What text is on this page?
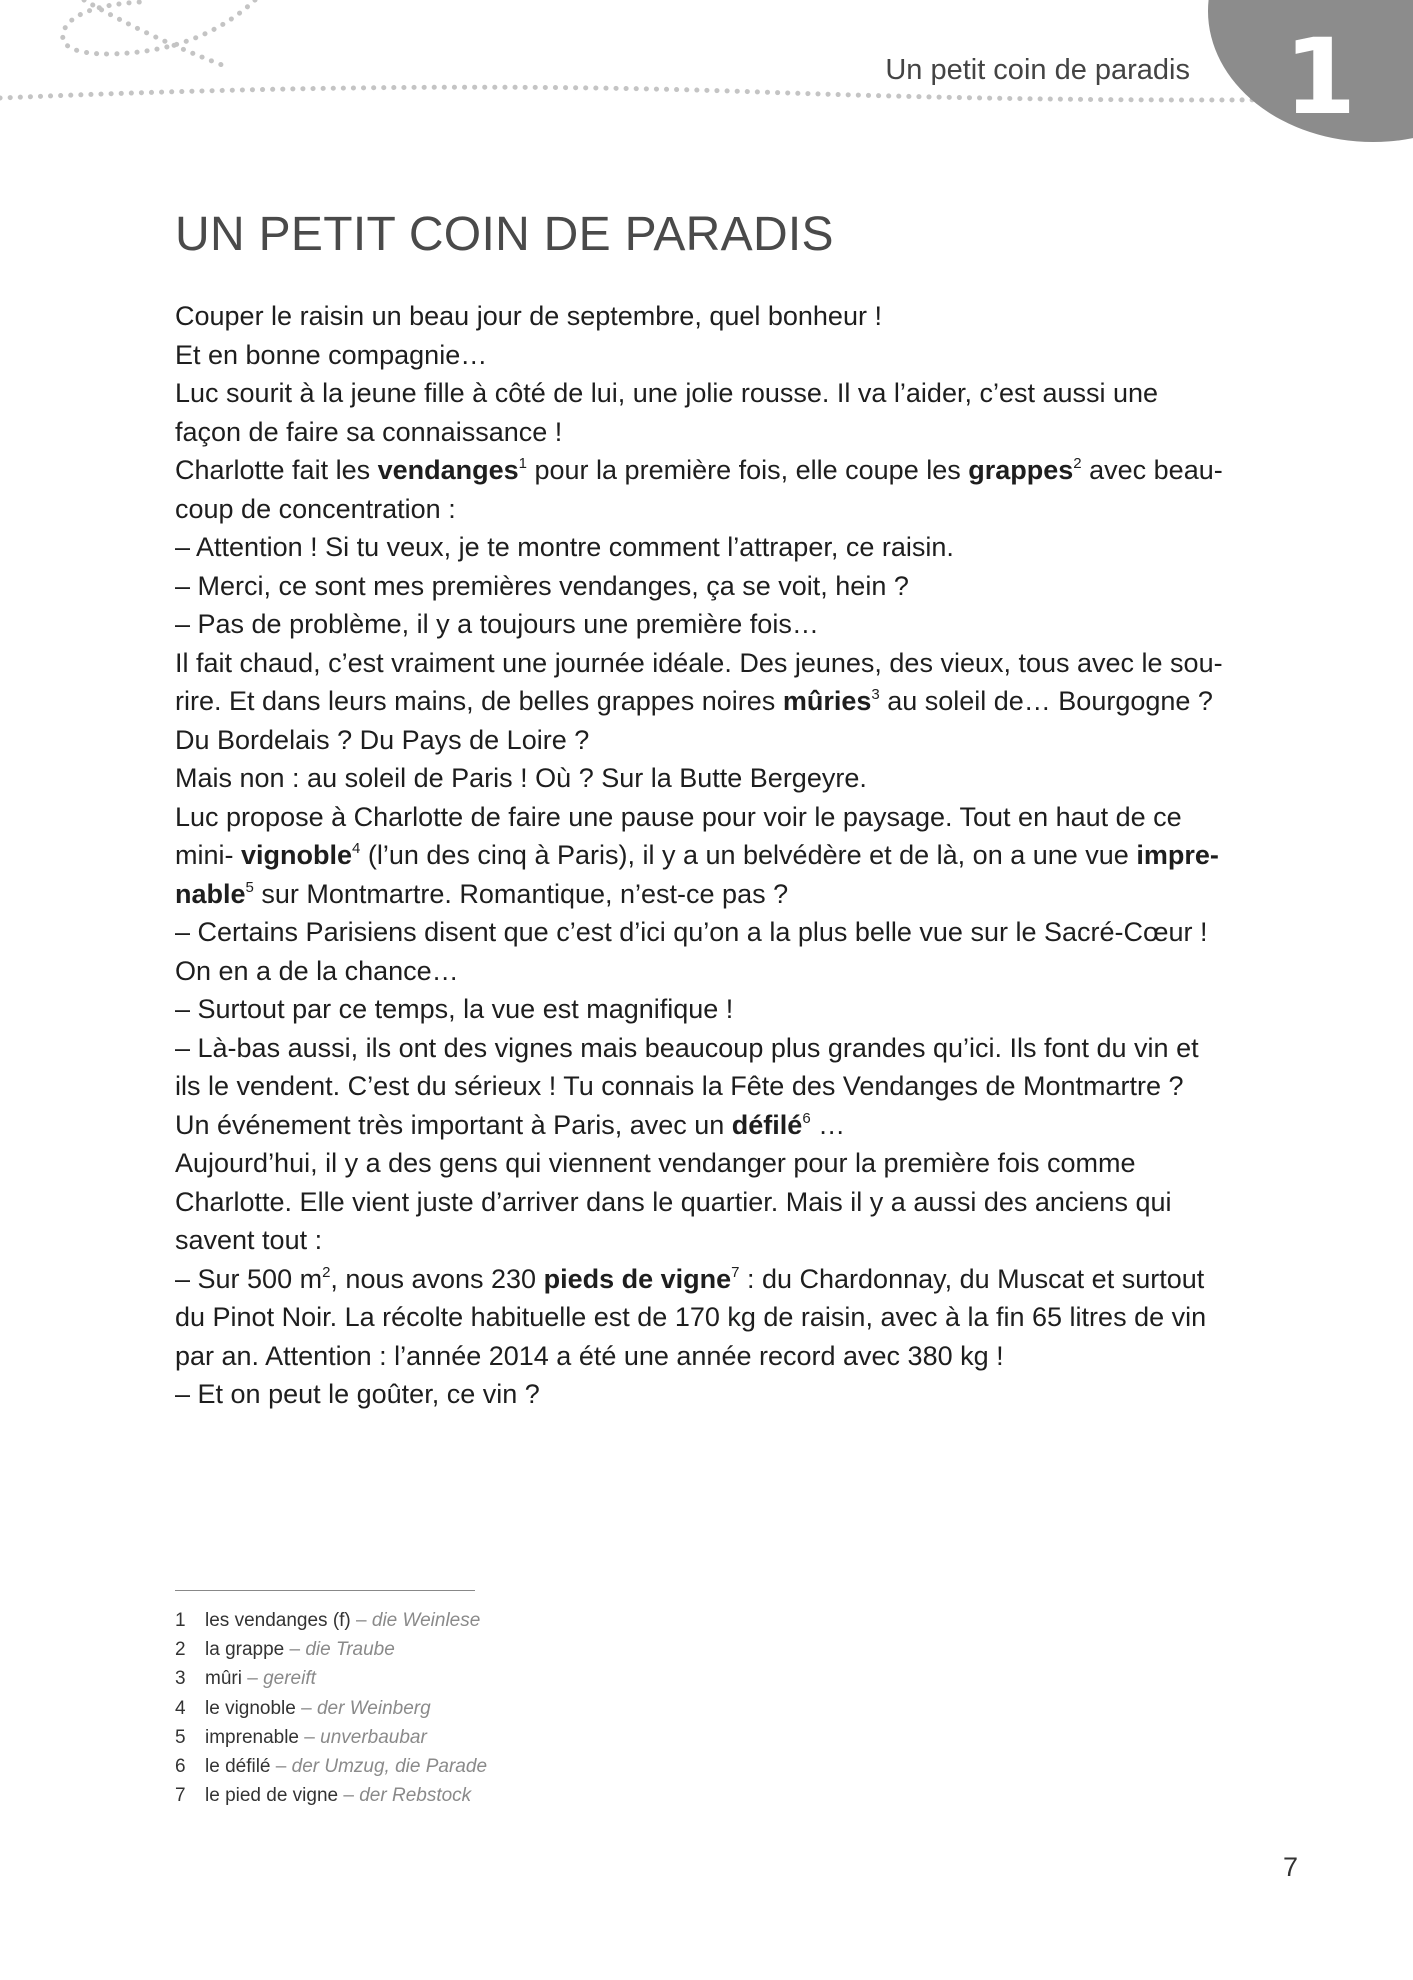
1
Un petit coin de paradis
UN PETIT COIN DE PARADIS
Couper le raisin un beau jour de septembre, quel bonheur !
Et en bonne compagnie…
Luc sourit à la jeune fille à côté de lui, une jolie rousse. Il va l’aider, c’est aussi une
façon de faire sa connaissance !
Charlotte fait les vendanges$^1$ pour la première fois, elle coupe les grappes$^2$ avec beau-
coup de concentration :
– Attention ! Si tu veux, je te montre comment l’attraper, ce raisin.
– Merci, ce sont mes premières vendanges, ça se voit, hein ?
– Pas de problème, il y a toujours une première fois…
Il fait chaud, c’est vraiment une journée idéale. Des jeunes, des vieux, tous avec le sou-
rire. Et dans leurs mains, de belles grappes noires mûries$^3$ au soleil de… Bourgogne ?
Du Bordelais ? Du Pays de Loire ?
Mais non : au soleil de Paris ! Où ? Sur la Butte Bergeyre.
Luc propose à Charlotte de faire une pause pour voir le paysage. Tout en haut de ce
mini- vignoble$^4$ (l’un des cinq à Paris), il y a un belvédère et de là, on a une vue impre-
nable$^5$ sur Montmartre. Romantique, n’est-ce pas ?
– Certains Parisiens disent que c’est d’ici qu’on a la plus belle vue sur le Sacré-Cœur !
On en a de la chance…
– Surtout par ce temps, la vue est magnifique !
– Là-bas aussi, ils ont des vignes mais beaucoup plus grandes qu’ici. Ils font du vin et
ils le vendent. C’est du sérieux ! Tu connais la Fête des Vendanges de Montmartre ?
Un événement très important à Paris, avec un défilé$^6$ …
Aujourd’hui, il y a des gens qui viennent vendanger pour la première fois comme
Charlotte. Elle vient juste d’arriver dans le quartier. Mais il y a aussi des anciens qui
savent tout :
– Sur 500 $m^2$, nous avons 230 pieds de vigne$^7$ : du Chardonnay, du Muscat et surtout
du Pinot Noir. La récolte habituelle est de 170 kg de raisin, avec à la fin 65 litres de vin
par an. Attention : l’année 2014 a été une année record avec 380 kg !
– Et on peut le goûter, ce vin ?
1 les vendanges (f) – die Weinlese
2 la grappe – die Traube
3 mûri – gereift
4 le vignoble – der Weinberg
5 imprenable – unverbaubar
6 le défilé – der Umzug, die Parade
7 le pied de vigne – der Rebstock
7
